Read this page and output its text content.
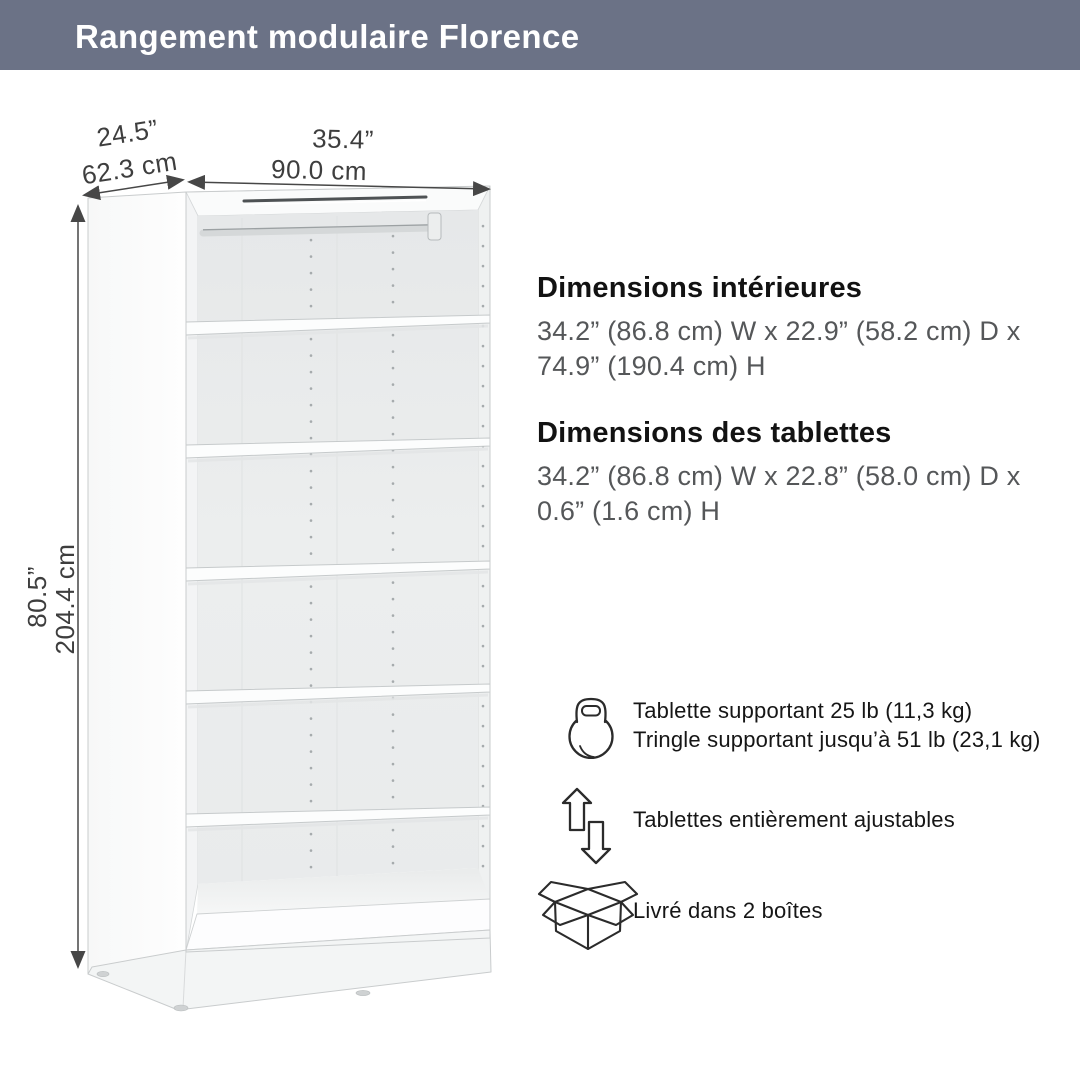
Rangement modulaire Florence
24.5”
62.3 cm
35.4”
90.0 cm
80.5”
204.4 cm
Dimensions intérieures

34.2” (86.8 cm) W x 22.9” (58.2 cm) D x

74.9” (190.4 cm) H

Dimensions des tablettes

34.2” (86.8 cm) W x 22.8” (58.0 cm) D x

0.6” (1.6 cm) H

Tablette supportant 25 lb (11,3 kg)
Tringle supportant jusqu’à 51 lb (23,1 kg)
Tablettes entièrement ajustables
Livré dans 2 boîtes
